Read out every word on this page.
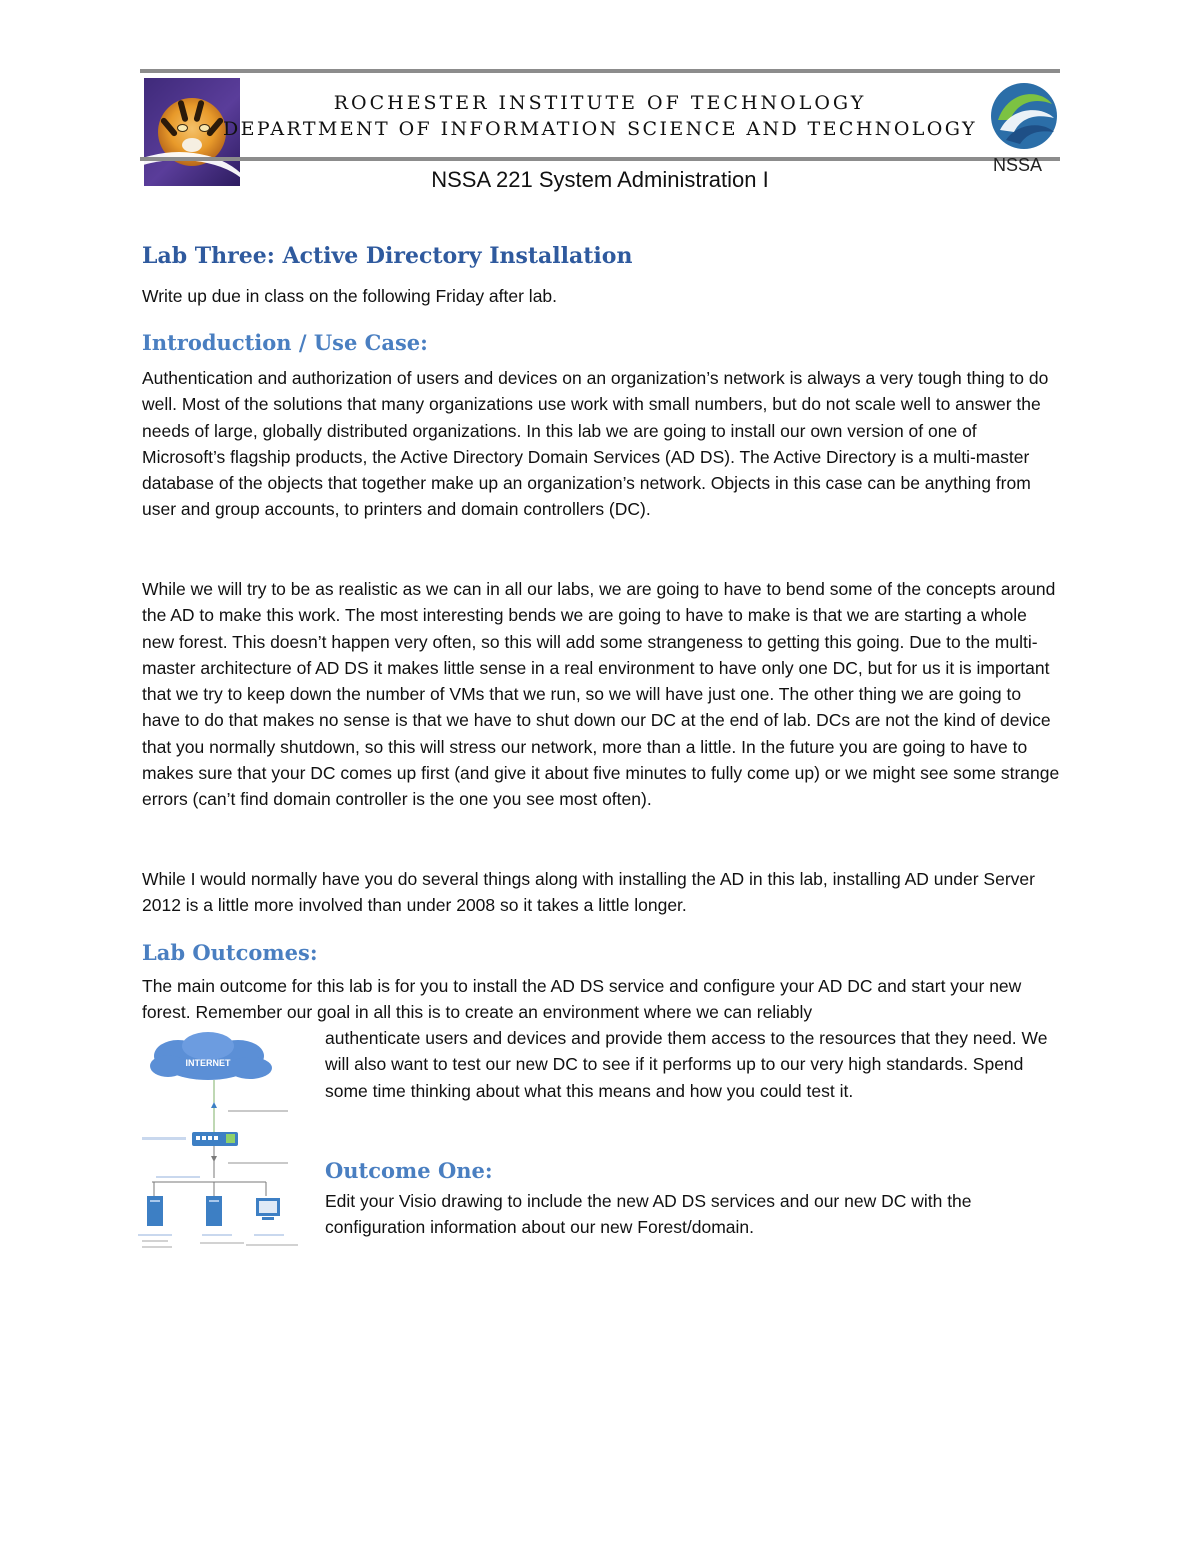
ROCHESTER INSTITUTE OF TECHNOLOGY
DEPARTMENT OF INFORMATION SCIENCE AND TECHNOLOGY
NSSA
NSSA 221 System Administration I
Lab Three: Active Directory Installation
Write up due in class on the following Friday after lab.
Introduction / Use Case:
Authentication and authorization of users and devices on an organization’s network is always a very tough thing to do well. Most of the solutions that many organizations use work with small numbers, but do not scale well to answer the needs of large, globally distributed organizations. In this lab we are going to install our own version of one of Microsoft’s flagship products, the Active Directory Domain Services (AD DS). The Active Directory is a multi-master database of the objects that together make up an organization’s network. Objects in this case can be anything from user and group accounts, to printers and domain controllers (DC).
While we will try to be as realistic as we can in all our labs, we are going to have to bend some of the concepts around the AD to make this work. The most interesting bends we are going to have to make is that we are starting a whole new forest. This doesn’t happen very often, so this will add some strangeness to getting this going. Due to the multi-master architecture of AD DS it makes little sense in a real environment to have only one DC, but for us it is important that we try to keep down the number of VMs that we run, so we will have just one. The other thing we are going to have to do that makes no sense is that we have to shut down our DC at the end of lab. DCs are not the kind of device that you normally shutdown, so this will stress our network, more than a little. In the future you are going to have to makes sure that your DC comes up first (and give it about five minutes to fully come up) or we might see some strange errors (can’t find domain controller is the one you see most often).
While I would normally have you do several things along with installing the AD in this lab, installing AD under Server 2012 is a little more involved than under 2008 so it takes a little longer.
Lab Outcomes:
The main outcome for this lab is for you to install the AD DS service and configure your AD DC and start your new forest. Remember our goal in all this is to create an environment where we can reliably
authenticate users and devices and provide them access to the resources that they need. We will also want to test our new DC to see if it performs up to our very high standards. Spend some time thinking about what this means and how you could test it.
INTERNET
Outcome One:
Edit your Visio drawing to include the new AD DS services and our new DC with the configuration information about our new Forest/domain.
